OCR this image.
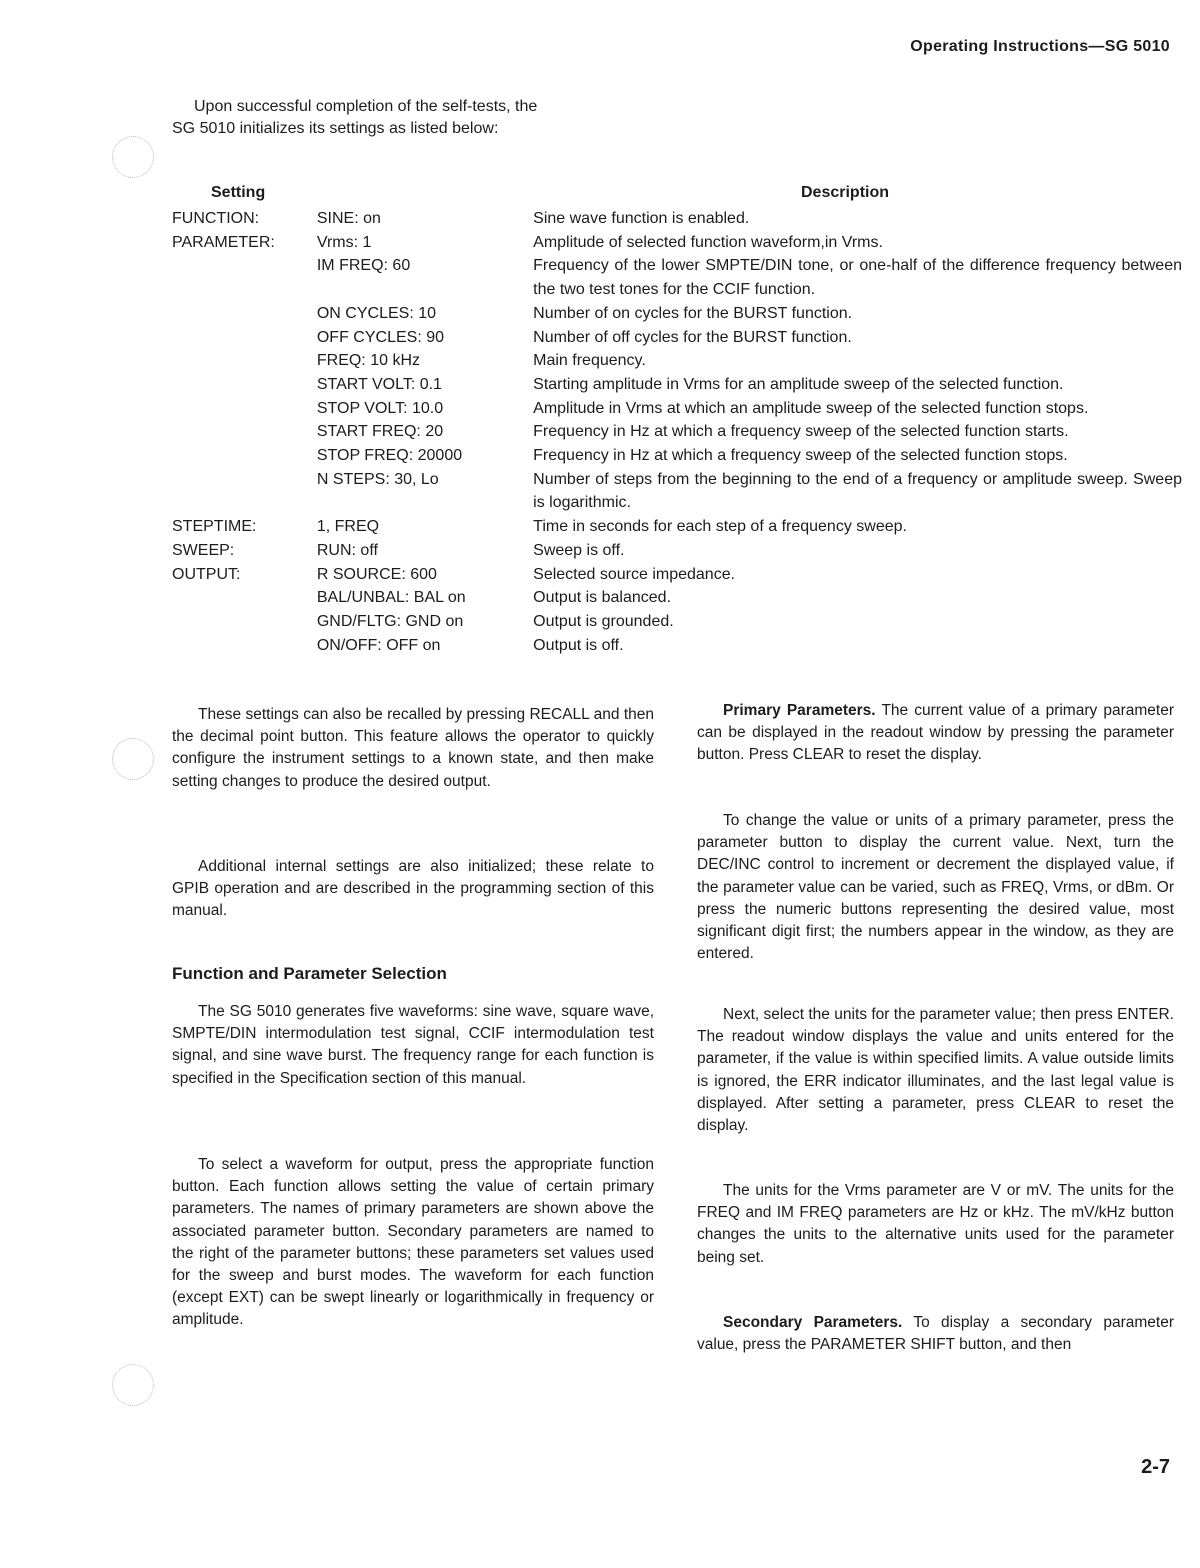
Operating Instructions—SG 5010
Upon successful completion of the self-tests, the
SG 5010 initializes its settings as listed below:
Setting	Description
FUNCTION:	SINE: on	Sine wave function is enabled.
PARAMETER:	Vrms: 1	Amplitude of selected function waveform,in Vrms.
	IM FREQ: 60	Frequency of the lower SMPTE/DIN tone, or one-half of the difference frequency between the two test tones for the CCIF function.
	ON CYCLES: 10	Number of on cycles for the BURST function.
	OFF CYCLES: 90	Number of off cycles for the BURST function.
	FREQ: 10 kHz	Main frequency.
	START VOLT: 0.1	Starting amplitude in Vrms for an amplitude sweep of the selected function.
	STOP VOLT: 10.0	Amplitude in Vrms at which an amplitude sweep of the selected function stops.
	START FREQ: 20	Frequency in Hz at which a frequency sweep of the selected function starts.
	STOP FREQ: 20000	Frequency in Hz at which a frequency sweep of the selected function stops.
	N STEPS: 30, Lo	Number of steps from the beginning to the end of a frequency or amplitude sweep. Sweep is logarithmic.
STEPTIME:	1, FREQ	Time in seconds for each step of a frequency sweep.
SWEEP:	RUN: off	Sweep is off.
OUTPUT:	R SOURCE: 600	Selected source impedance.
	BAL/UNBAL: BAL on	Output is balanced.
	GND/FLTG: GND on	Output is grounded.
	ON/OFF: OFF on	Output is off.

These settings can also be recalled by pressing RECALL and then the decimal point button. This feature allows the operator to quickly configure the instrument settings to a known state, and then make setting changes to produce the desired output.

Additional internal settings are also initialized; these relate to GPIB operation and are described in the programming section of this manual.

Function and Parameter Selection

The SG 5010 generates five waveforms: sine wave, square wave, SMPTE/DIN intermodulation test signal, CCIF intermodulation test signal, and sine wave burst. The frequency range for each function is specified in the Specification section of this manual.

To select a waveform for output, press the appropriate function button. Each function allows setting the value of certain primary parameters. The names of primary parameters are shown above the associated parameter button. Secondary parameters are named to the right of the parameter buttons; these parameters set values used for the sweep and burst modes. The waveform for each function (except EXT) can be swept linearly or logarithmically in frequency or amplitude.

Primary Parameters. The current value of a primary parameter can be displayed in the readout window by pressing the parameter button. Press CLEAR to reset the display.

To change the value or units of a primary parameter, press the parameter button to display the current value. Next, turn the DEC/INC control to increment or decrement the displayed value, if the parameter value can be varied, such as FREQ, Vrms, or dBm. Or press the numeric buttons representing the desired value, most significant digit first; the numbers appear in the window, as they are entered.

Next, select the units for the parameter value; then press ENTER. The readout window displays the value and units entered for the parameter, if the value is within specified limits. A value outside limits is ignored, the ERR indicator illuminates, and the last legal value is displayed. After setting a parameter, press CLEAR to reset the display.

The units for the Vrms parameter are V or mV. The units for the FREQ and IM FREQ parameters are Hz or kHz. The mV/kHz button changes the units to the alternative units used for the parameter being set.

Secondary Parameters. To display a secondary parameter value, press the PARAMETER SHIFT button, and then

2-7
